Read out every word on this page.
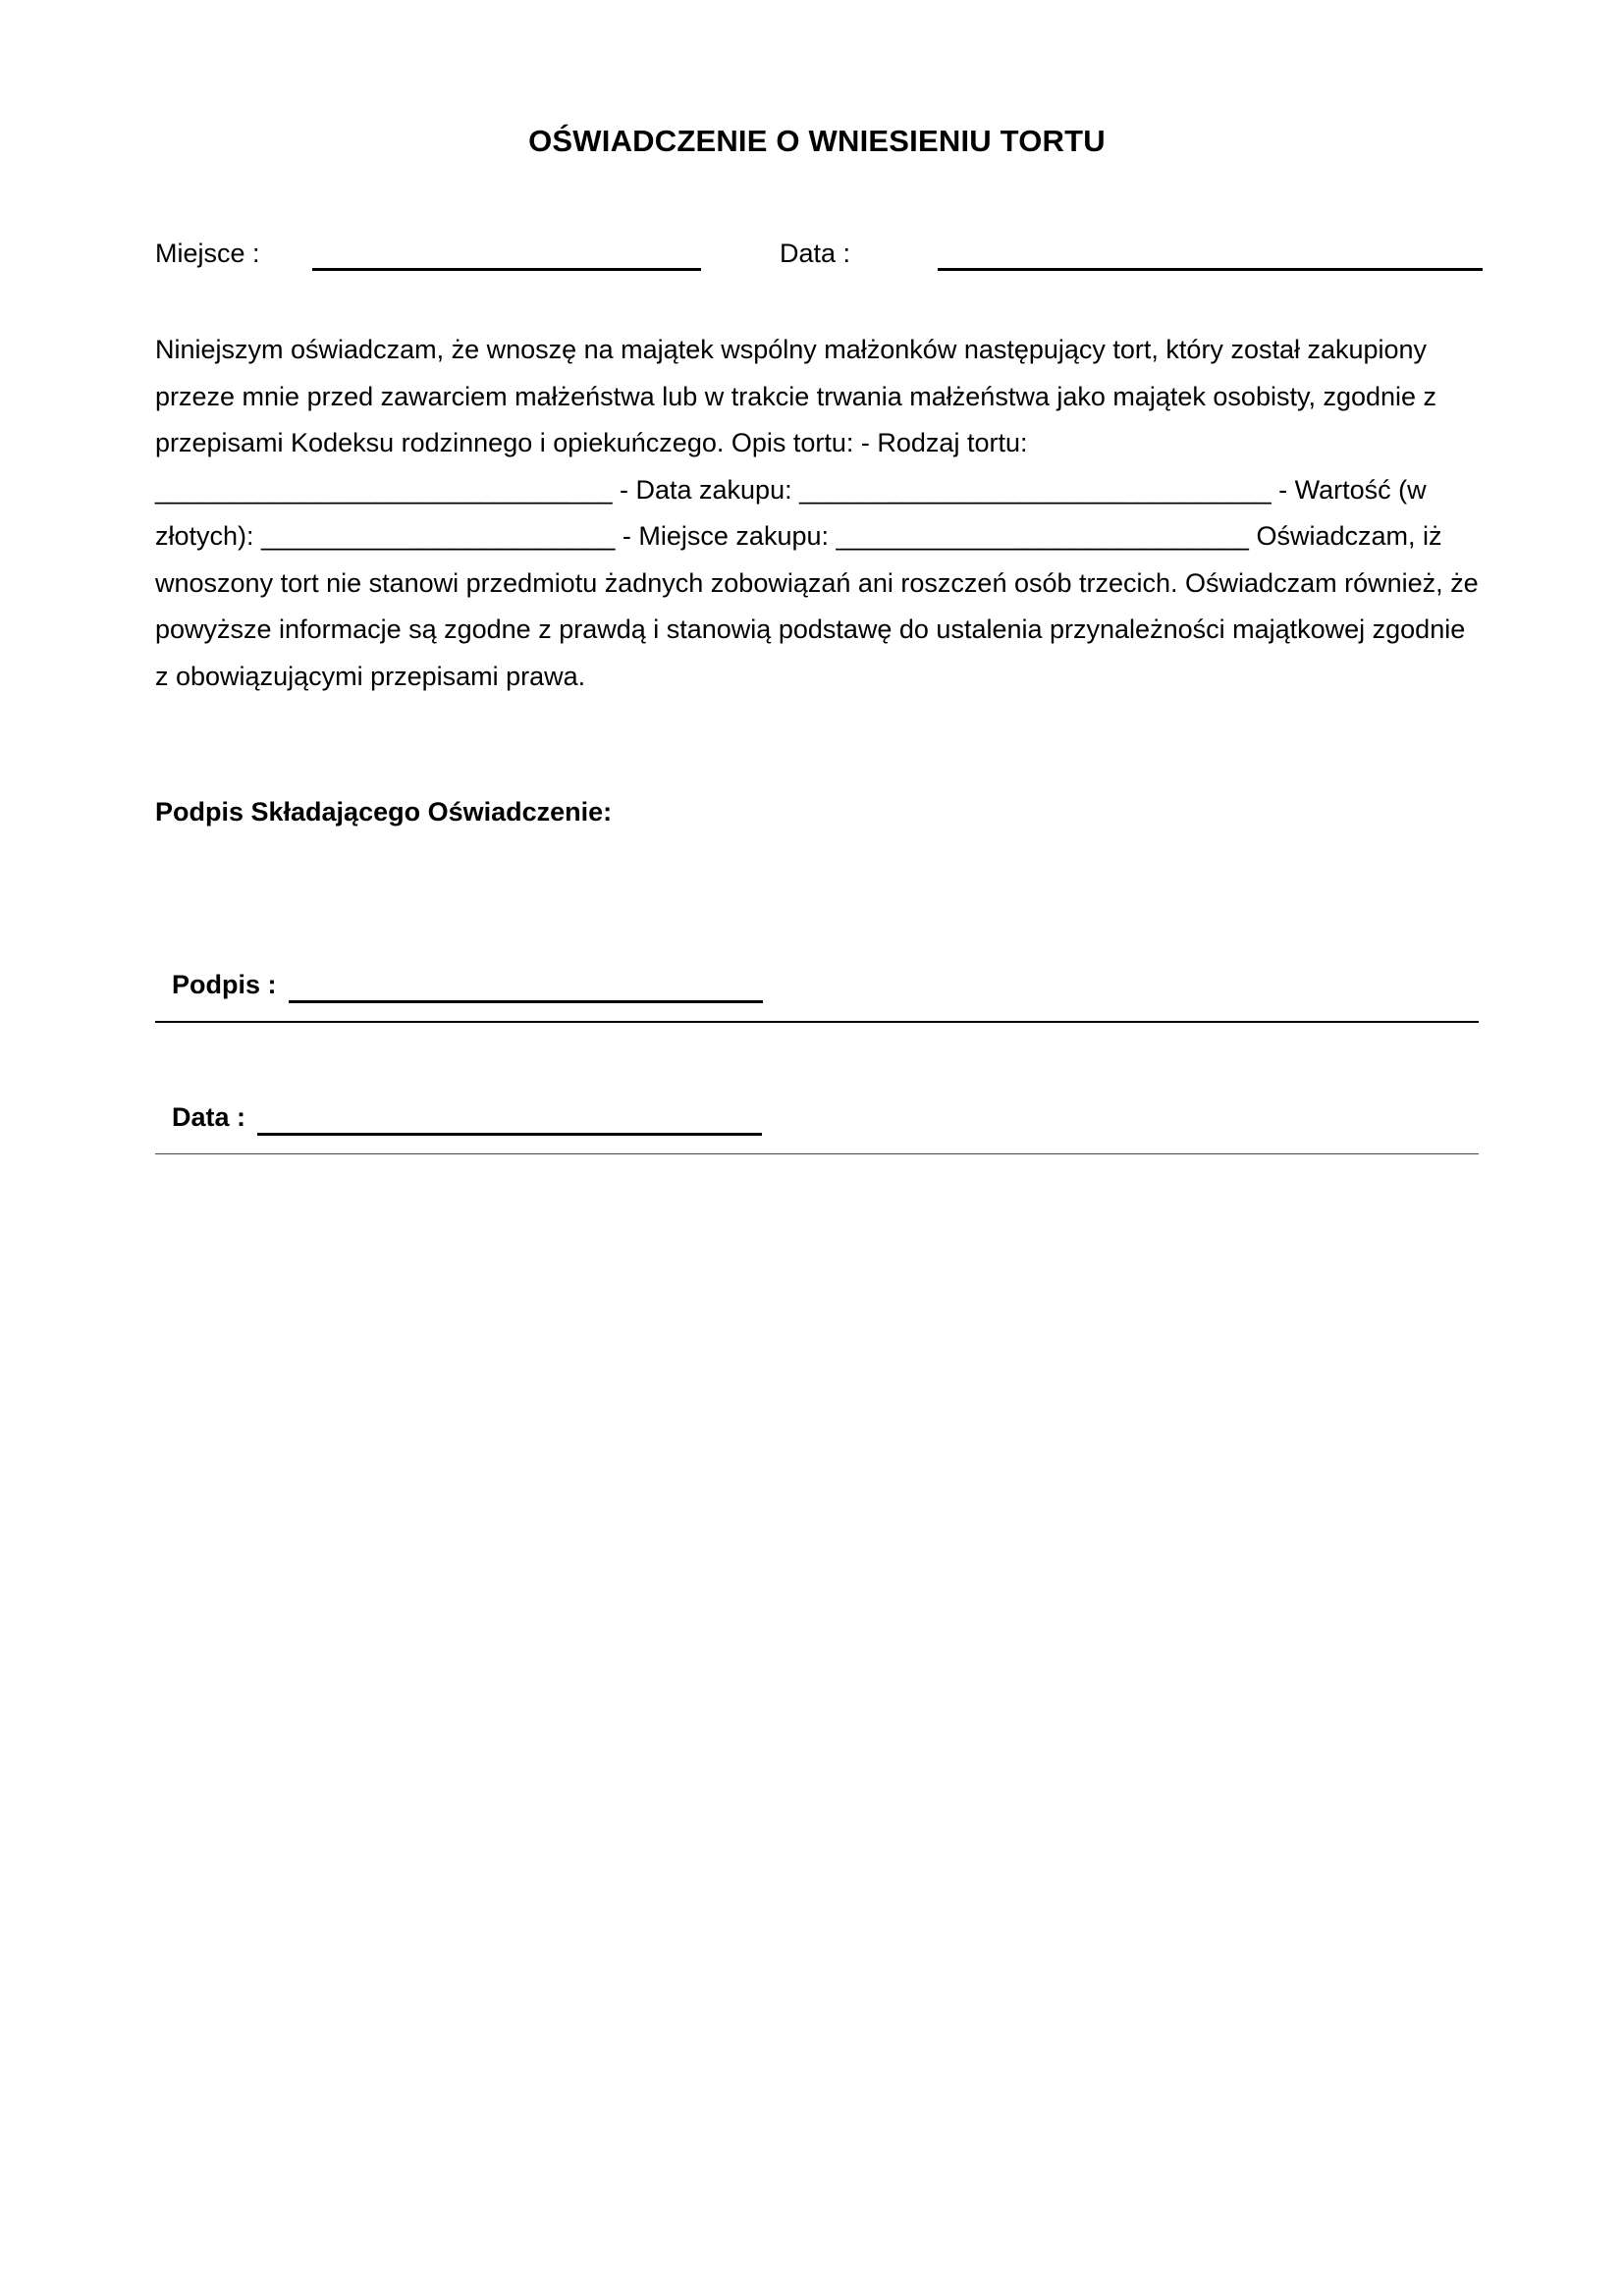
OŚWIADCZENIE O WNIESIENIU TORTU
Miejsce :	Data :
Niniejszym oświadczam, że wnoszę na majątek wspólny małżonków następujący tort, który został zakupiony przeze mnie przed zawarciem małżeństwa lub w trakcie trwania małżeństwa jako majątek osobisty, zgodnie z przepisami Kodeksu rodzinnego i opiekuńczego. Opis tortu: - Rodzaj tortu: _______________________________ - Data zakupu: ________________________________ - Wartość (w złotych): ________________________ - Miejsce zakupu: ____________________________ Oświadczam, iż wnoszony tort nie stanowi przedmiotu żadnych zobowiązań ani roszczeń osób trzecich. Oświadczam również, że powyższe informacje są zgodne z prawdą i stanowią podstawę do ustalenia przynależności majątkowej zgodnie z obowiązującymi przepisami prawa.
Podpis Składającego Oświadczenie:
Podpis :
Data :
